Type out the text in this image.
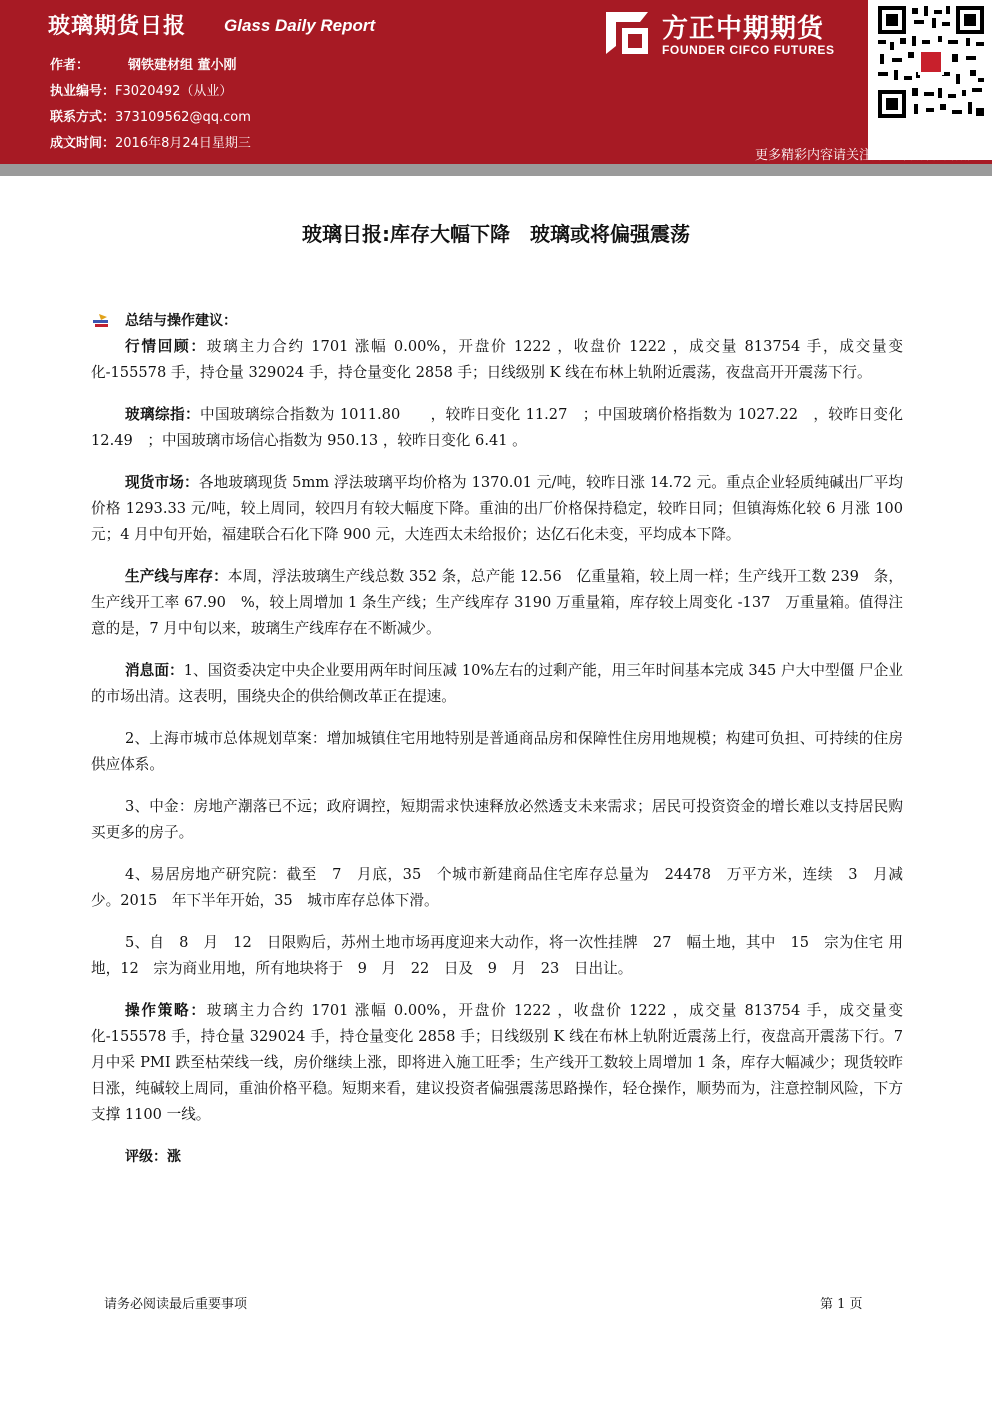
玻璃期货日报 Glass Daily Report
作者：	钢铁建材组 董小刚
执业编号：F3020492（从业）
联系方式：373109562@qq.com
成文时间：2016年8月24日星期三
方正中期期货
FOUNDER CIFCO FUTURES
更多精彩内容请关注方正中期官方微信
玻璃日报:库存大幅下降　玻璃或将偏强震荡
总结与操作建议：

行情回顾：玻璃主力合约 1701 涨幅 0.00%，开盘价 1222 ，收盘价 1222 ，成交量 813754 手，成交量变化-155578 手，持仓量 329024 手，持仓量变化 2858 手；日线级别 K 线在布林上轨附近震荡，夜盘高开开震荡下行。

玻璃综指：中国玻璃综合指数为 1011.80　　，较昨日变化 11.27　；中国玻璃价格指数为 1027.22　，较昨日变化 12.49　；中国玻璃市场信心指数为 950.13 ，较昨日变化 6.41 。

现货市场：各地玻璃现货 5mm 浮法玻璃平均价格为 1370.01 元/吨，较昨日涨 14.72 元。重点企业轻质纯碱出厂平均价格 1293.33 元/吨，较上周同，较四月有较大幅度下降。重油的出厂价格保持稳定，较昨日同；但镇海炼化较 6 月涨 100 元；4 月中旬开始，福建联合石化下降 900 元，大连西太未给报价；达亿石化未变，平均成本下降。

生产线与库存：本周，浮法玻璃生产线总数 352 条，总产能 12.56　亿重量箱，较上周一样；生产线开工数 239　条，生产线开工率 67.90　%，较上周增加 1 条生产线；生产线库存 3190 万重量箱，库存较上周变化 -137　万重量箱。值得注意的是，7 月中旬以来，玻璃生产线库存在不断减少。

消息面：1、国资委决定中央企业要用两年时间压减 10%左右的过剩产能，用三年时间基本完成 345 户大中型僵 尸企业的市场出清。这表明，围绕央企的供给侧改革正在提速。

2、上海市城市总体规划草案：增加城镇住宅用地特别是普通商品房和保障性住房用地规模；构建可负担、可持续的住房供应体系。

3、中金：房地产潮落已不远；政府调控，短期需求快速释放必然透支未来需求；居民可投资资金的增长难以支持居民购买更多的房子。

4、易居房地产研究院：截至　7　月底，35　个城市新建商品住宅库存总量为　24478　万平方米，连续　3　月减 少。2015　年下半年开始，35　城市库存总体下滑。

5、自　8　月　12　日限购后，苏州土地市场再度迎来大动作，将一次性挂牌　27　幅土地，其中　15　宗为住宅 用地，12　宗为商业用地，所有地块将于　9　月　22　日及　9　月　23　日出让。

操作策略：玻璃主力合约 1701 涨幅 0.00%，开盘价 1222 ，收盘价 1222 ，成交量 813754 手，成交量变化-155578 手，持仓量 329024 手，持仓量变化 2858 手；日线级别 K 线在布林上轨附近震荡上行，夜盘高开震荡下行。7 月中采 PMI 跌至枯荣线一线，房价继续上涨，即将进入施工旺季；生产线开工数较上周增加 1 条，库存大幅减少；现货较昨日涨，纯碱较上周同，重油价格平稳。短期来看，建议投资者偏强震荡思路操作，轻仓操作，顺势而为，注意控制风险，下方支撑 1100 一线。

评级：涨

请务必阅读最后重要事项	第 1 页
